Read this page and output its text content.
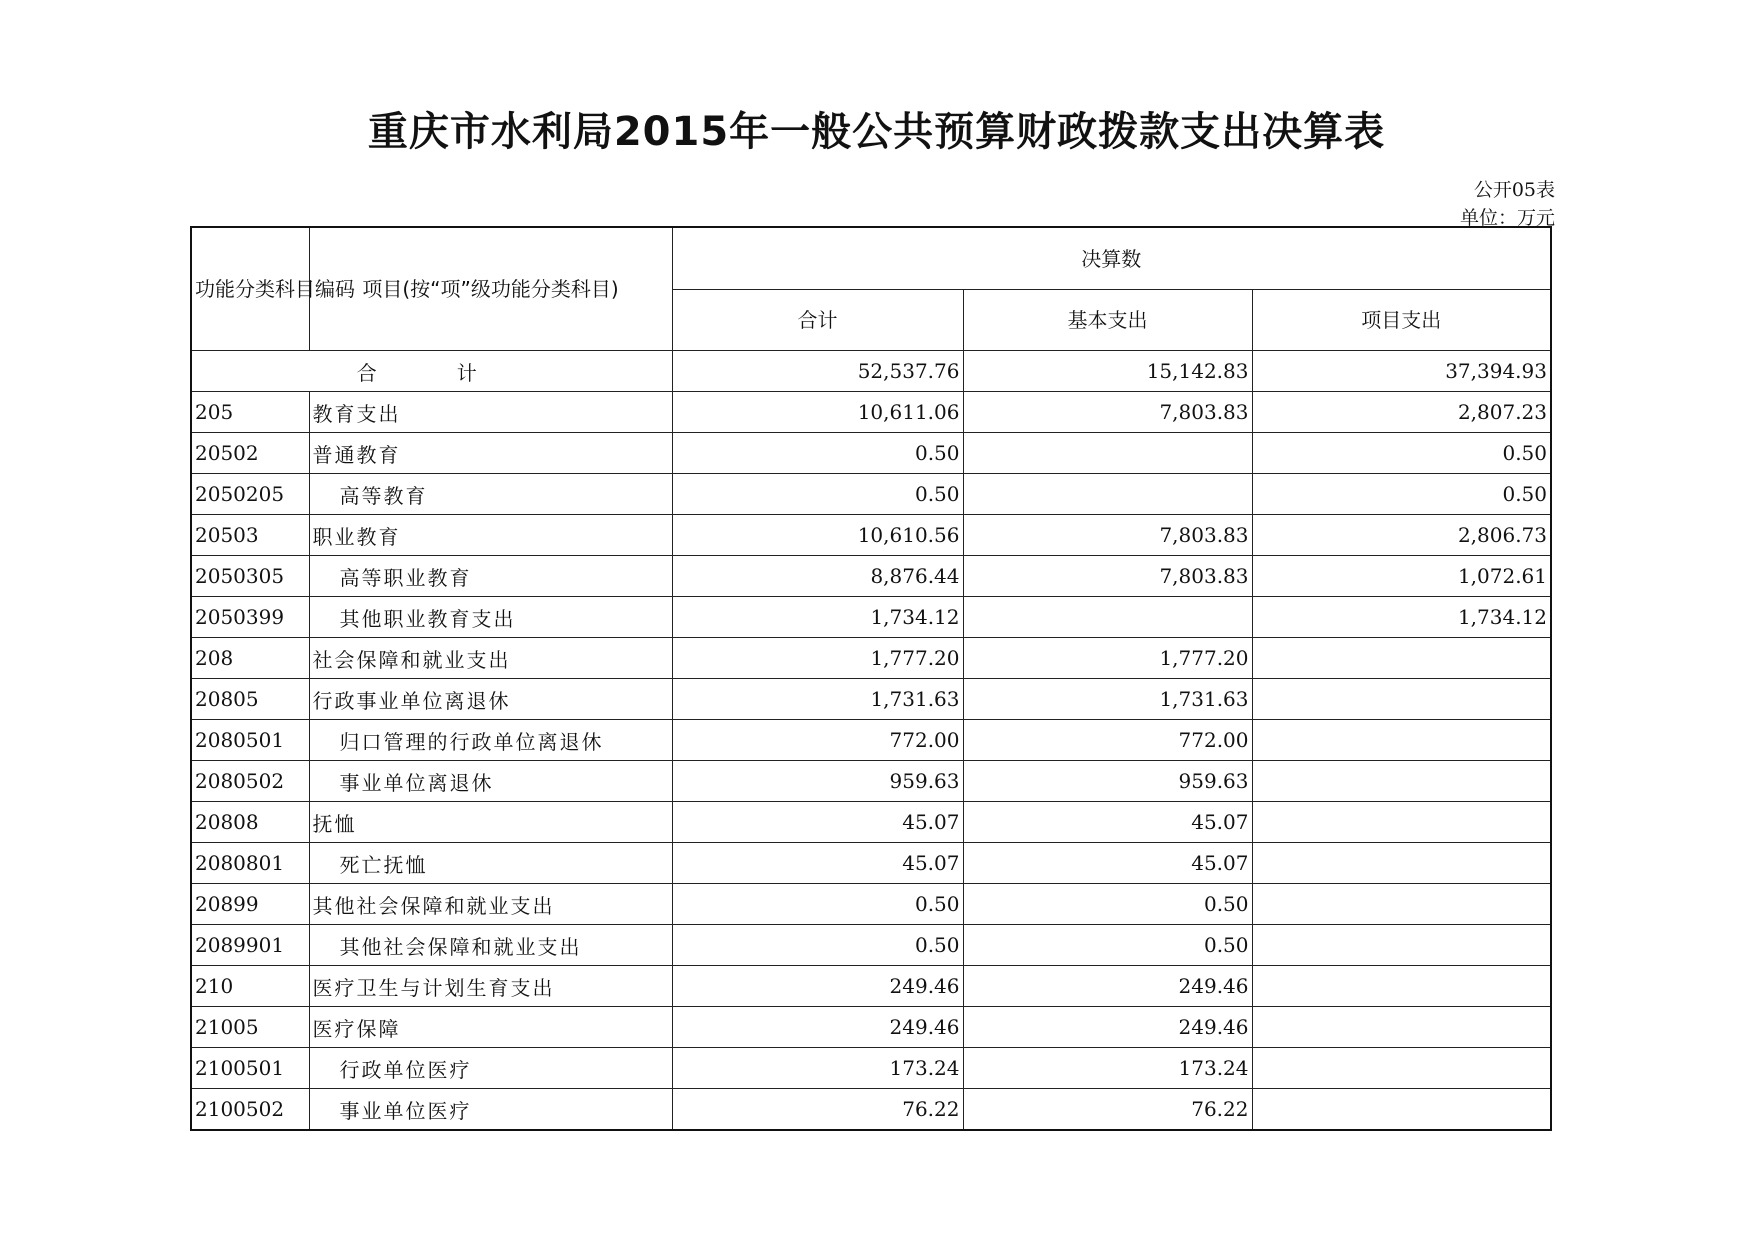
重庆市水利局2015年一般公共预算财政拨款支出决算表
公开05表
单位：万元
功能分类科目编码	项目(按“项”级功能分类科目)	决算数		
		合计	基本支出	项目支出
合　计		52,537.76	15,142.83	37,394.93
205	教育支出	10,611.06	7,803.83	2,807.23
20502	普通教育	0.50		0.50
2050205	高等教育	0.50		0.50
20503	职业教育	10,610.56	7,803.83	2,806.73
2050305	高等职业教育	8,876.44	7,803.83	1,072.61
2050399	其他职业教育支出	1,734.12		1,734.12
208	社会保障和就业支出	1,777.20	1,777.20	
20805	行政事业单位离退休	1,731.63	1,731.63	
2080501	归口管理的行政单位离退休	772.00	772.00	
2080502	事业单位离退休	959.63	959.63	
20808	抚恤	45.07	45.07	
2080801	死亡抚恤	45.07	45.07	
20899	其他社会保障和就业支出	0.50	0.50	
2089901	其他社会保障和就业支出	0.50	0.50	
210	医疗卫生与计划生育支出	249.46	249.46	
21005	医疗保障	249.46	249.46	
2100501	行政单位医疗	173.24	173.24	
2100502	事业单位医疗	76.22	76.22	
